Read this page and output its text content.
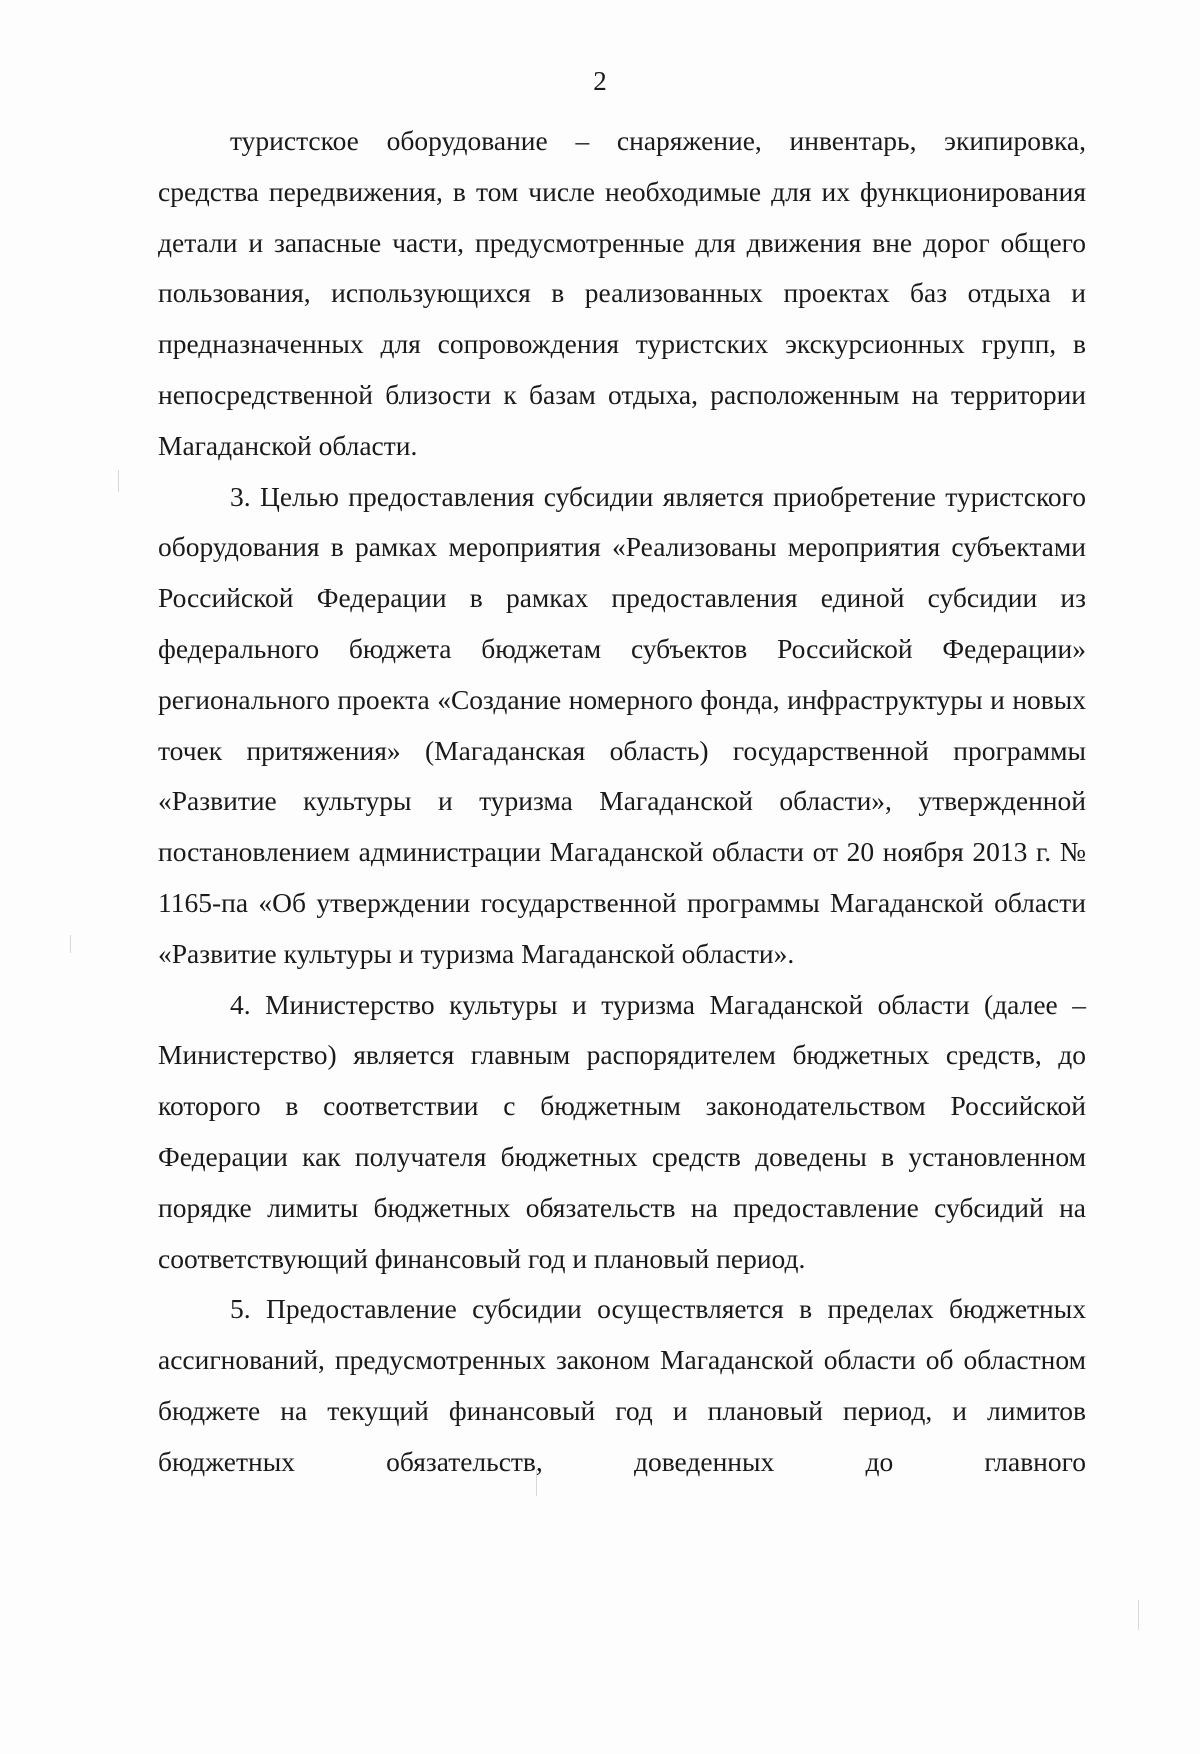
2

туристское оборудование – снаряжение, инвентарь, экипировка, средства передвижения, в том числе необходимые для их функционирования детали и запасные части, предусмотренные для движения вне дорог общего пользования, использующихся в реализованных проектах баз отдыха и предназначенных для сопровождения туристских экскурсионных групп, в непосредственной близости к базам отдыха, расположенным на территории Магаданской области.

3. Целью предоставления субсидии является приобретение туристского оборудования в рамках мероприятия «Реализованы мероприятия субъектами Российской Федерации в рамках предоставления единой субсидии из федерального бюджета бюджетам субъектов Российской Федерации» регионального проекта «Создание номерного фонда, инфраструктуры и новых точек притяжения» (Магаданская область) государственной программы «Развитие культуры и туризма Магаданской области», утвержденной постановлением администрации Магаданской области от 20 ноября 2013 г. № 1165-па «Об утверждении государственной программы Магаданской области «Развитие культуры и туризма Магаданской области».

4. Министерство культуры и туризма Магаданской области (далее – Министерство) является главным распорядителем бюджетных средств, до которого в соответствии с бюджетным законодательством Российской Федерации как получателя бюджетных средств доведены в установленном порядке лимиты бюджетных обязательств на предоставление субсидий на соответствующий финансовый год и плановый период.

5. Предоставление субсидии осуществляется в пределах бюджетных ассигнований, предусмотренных законом Магаданской области об областном бюджете на текущий финансовый год и плановый период, и лимитов бюджетных обязательств, доведенных до главного
